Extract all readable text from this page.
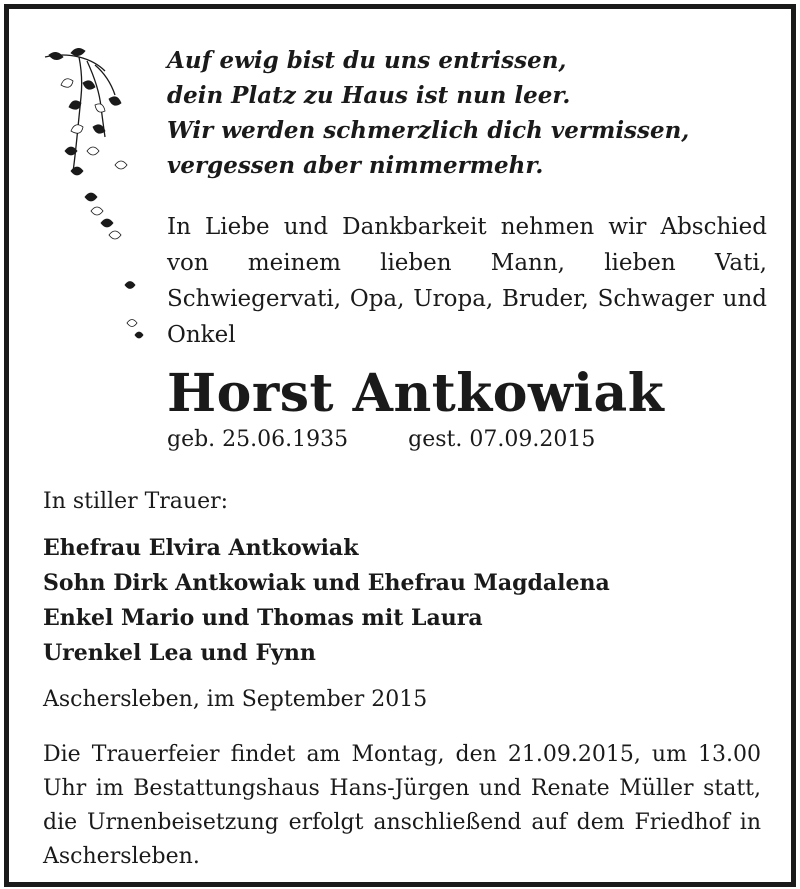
Auf ewig bist du uns entrissen,
dein Platz zu Haus ist nun leer.
Wir werden schmerzlich dich vermissen,
vergessen aber nimmermehr.
In Liebe und Dankbarkeit nehmen wir Abschied von meinem lieben Mann, lieben Vati, Schwiegervati, Opa, Uropa, Bruder, Schwager und Onkel
Horst Antkowiak
geb. 25.06.1935	gest. 07.09.2015
In stiller Trauer:
Ehefrau Elvira Antkowiak
Sohn Dirk Antkowiak und Ehefrau Magdalena
Enkel Mario und Thomas mit Laura
Urenkel Lea und Fynn
Aschersleben, im September 2015
Die Trauerfeier findet am Montag, den 21.09.2015, um 13.00 Uhr im Bestattungshaus Hans-Jürgen und Renate Müller statt, die Urnenbeisetzung erfolgt anschließend auf dem Friedhof in Aschersleben.
